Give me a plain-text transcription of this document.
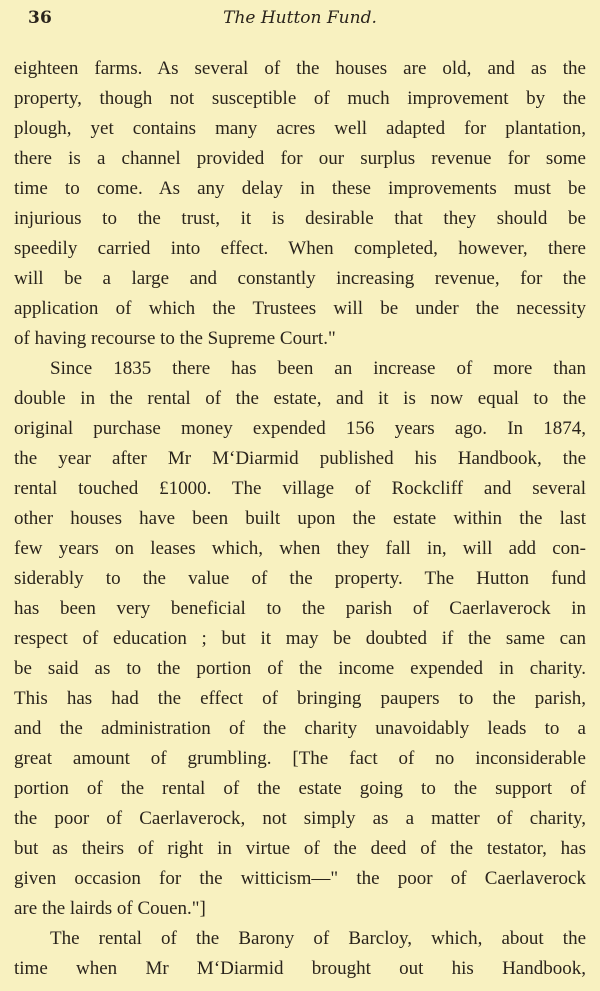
36	The Hutton Fund.
eighteen farms. As several of the houses are old, and as the
property, though not susceptible of much improvement by the
plough, yet contains many acres well adapted for plantation,
there is a channel provided for our surplus revenue for some
time to come. As any delay in these improvements must be
injurious to the trust, it is desirable that they should be
speedily carried into effect. When completed, however, there
will be a large and constantly increasing revenue, for the
application of which the Trustees will be under the necessity
of having recourse to the Supreme Court."
Since 1835 there has been an increase of more than
double in the rental of the estate, and it is now equal to the
original purchase money expended 156 years ago. In 1874,
the year after Mr M‘Diarmid published his Handbook, the
rental touched £1000. The village of Rockcliff and several
other houses have been built upon the estate within the last
few years on leases which, when they fall in, will add con-
siderably to the value of the property. The Hutton fund
has been very beneficial to the parish of Caerlaverock in
respect of education ; but it may be doubted if the same can
be said as to the portion of the income expended in charity.
This has had the effect of bringing paupers to the parish,
and the administration of the charity unavoidably leads to a
great amount of grumbling. [The fact of no inconsiderable
portion of the rental of the estate going to the support of
the poor of Caerlaverock, not simply as a matter of charity,
but as theirs of right in virtue of the deed of the testator, has
given occasion for the witticism—" the poor of Caerlaverock
are the lairds of Couen."]
The rental of the Barony of Barcloy, which, about the
time when Mr M‘Diarmid brought out his Handbook,
